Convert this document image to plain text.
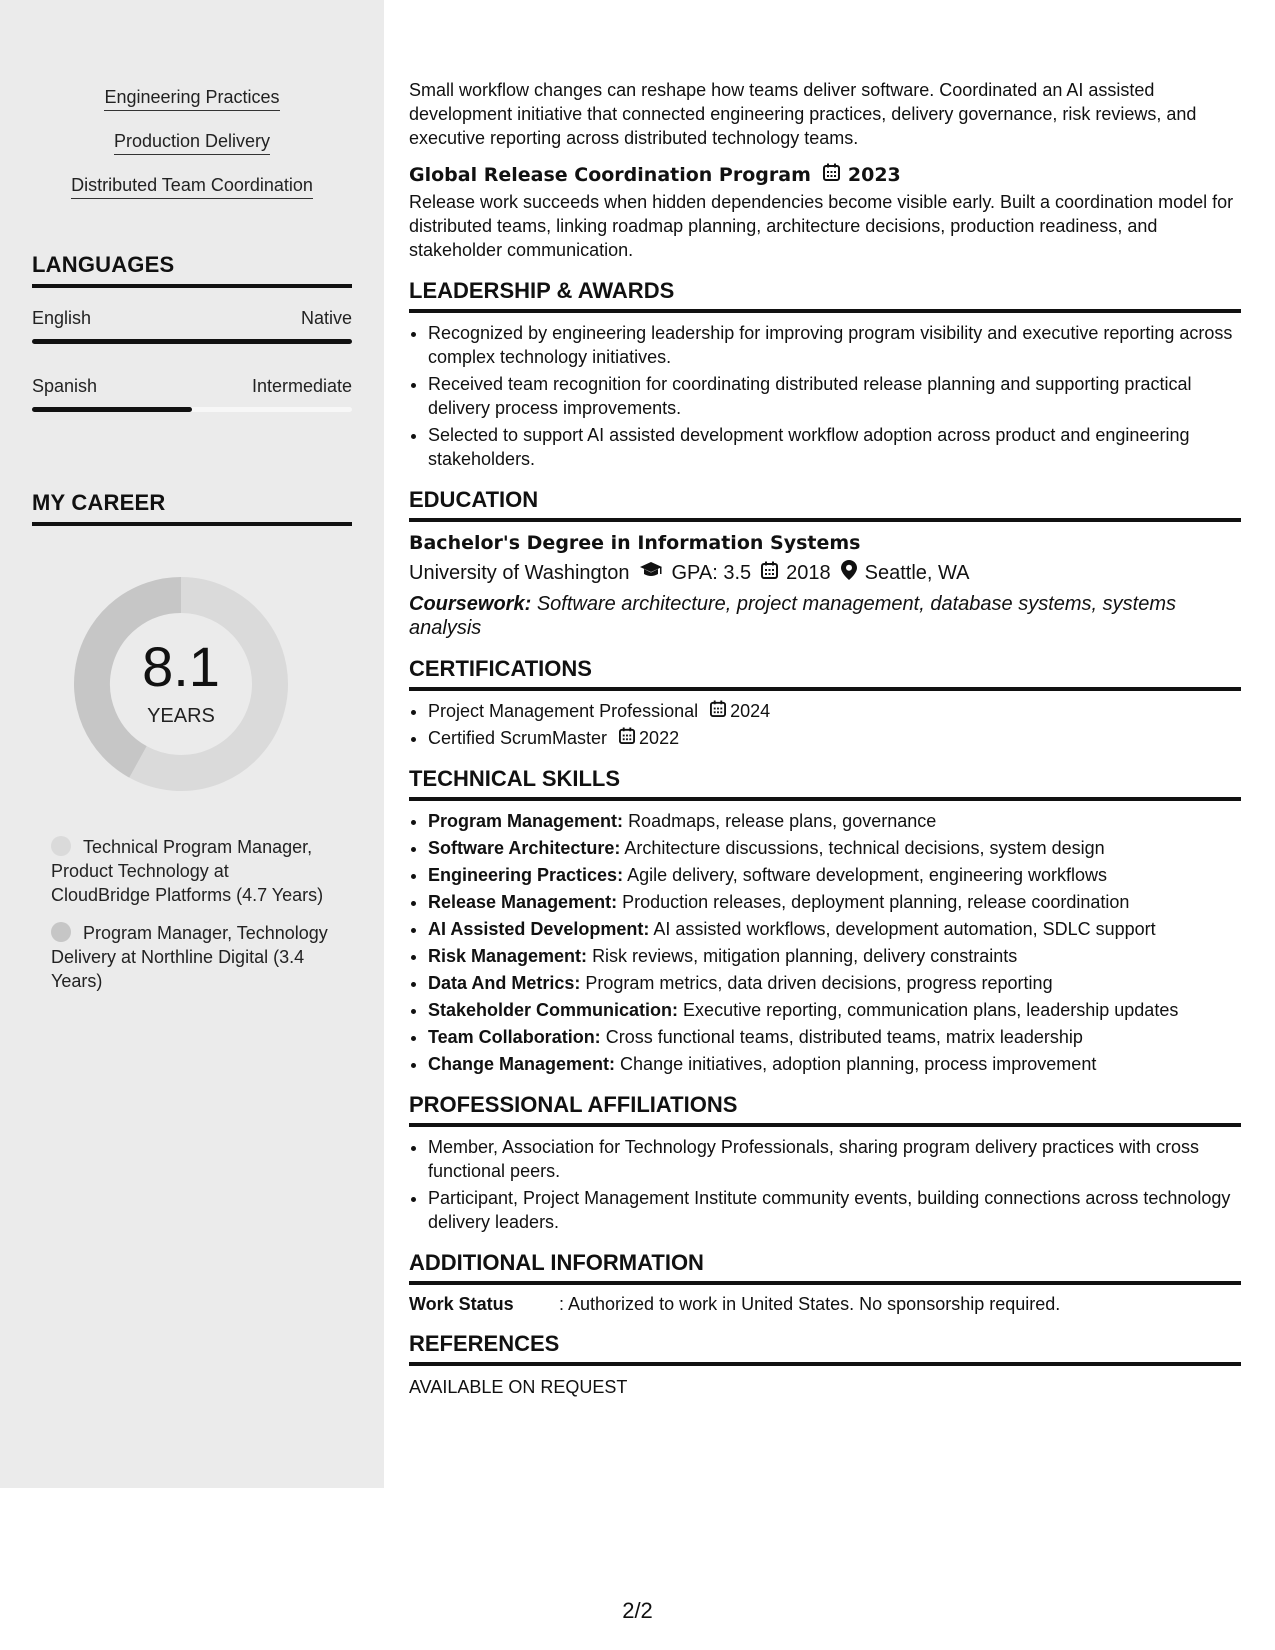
Engineering Practices
Production Delivery
Distributed Team Coordination
LANGUAGES
English	Native
Spanish	Intermediate
MY CAREER
8.1
YEARS
Technical Program Manager, Product Technology at CloudBridge Platforms (4.7 Years)
Program Manager, Technology Delivery at Northline Digital (3.4 Years)

Small workflow changes can reshape how teams deliver software. Coordinated an AI assisted development initiative that connected engineering practices, delivery governance, risk reviews, and executive reporting across distributed technology teams.

Global Release Coordination Program 2023

Release work succeeds when hidden dependencies become visible early. Built a coordination model for distributed teams, linking roadmap planning, architecture decisions, production readiness, and stakeholder communication.

LEADERSHIP & AWARDS
• Recognized by engineering leadership for improving program visibility and executive reporting across complex technology initiatives.
• Received team recognition for coordinating distributed release planning and supporting practical delivery process improvements.
• Selected to support AI assisted development workflow adoption across product and engineering stakeholders.
EDUCATION
Bachelor's Degree in Information Systems
University of Washington GPA: 3.5 2018 Seattle, WA

Coursework: Software architecture, project management, database systems, systems analysis

CERTIFICATIONS
• Project Management Professional 2024
• Certified ScrumMaster 2022
TECHNICAL SKILLS
• Program Management: Roadmaps, release plans, governance
• Software Architecture: Architecture discussions, technical decisions, system design
• Engineering Practices: Agile delivery, software development, engineering workflows
• Release Management: Production releases, deployment planning, release coordination
• AI Assisted Development: AI assisted workflows, development automation, SDLC support
• Risk Management: Risk reviews, mitigation planning, delivery constraints
• Data And Metrics: Program metrics, data driven decisions, progress reporting
• Stakeholder Communication: Executive reporting, communication plans, leadership updates
• Team Collaboration: Cross functional teams, distributed teams, matrix leadership
• Change Management: Change initiatives, adoption planning, process improvement
PROFESSIONAL AFFILIATIONS
• Member, Association for Technology Professionals, sharing program delivery practices with cross functional peers.
• Participant, Project Management Institute community events, building connections across technology delivery leaders.
ADDITIONAL INFORMATION
Work Status	: Authorized to work in United States. No sponsorship required.
REFERENCES
AVAILABLE ON REQUEST
2/2
